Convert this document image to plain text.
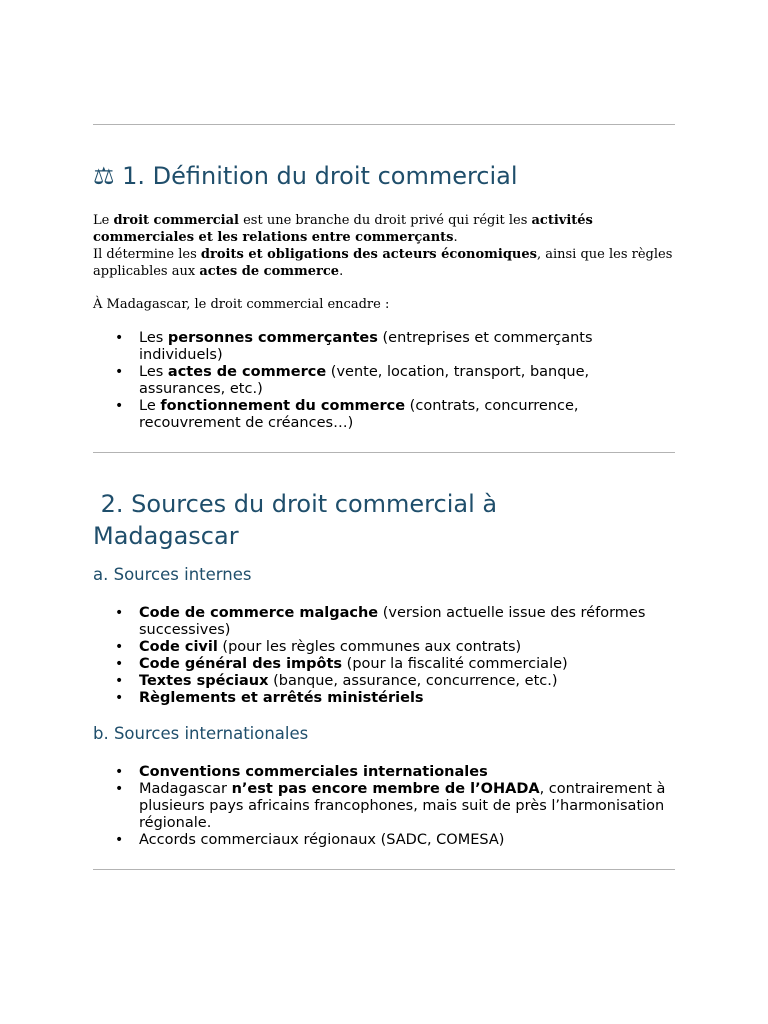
⚖ 1. Définition du droit commercial

Le droit commercial est une branche du droit privé qui régit les activités commerciales et les relations entre commerçants.
Il détermine les droits et obligations des acteurs économiques, ainsi que les règles applicables aux actes de commerce.

À Madagascar, le droit commercial encadre :

• Les personnes commerçantes (entreprises et commerçants individuels)
• Les actes de commerce (vente, location, transport, banque, assurances, etc.)
• Le fonctionnement du commerce (contrats, concurrence, recouvrement de créances…)
2. Sources du droit commercial à Madagascar
a. Sources internes
• Code de commerce malgache (version actuelle issue des réformes successives)
• Code civil (pour les règles communes aux contrats)
• Code général des impôts (pour la fiscalité commerciale)
• Textes spéciaux (banque, assurance, concurrence, etc.)
• Règlements et arrêtés ministériels
b. Sources internationales
• Conventions commerciales internationales
• Madagascar n’est pas encore membre de l’OHADA, contrairement à plusieurs pays africains francophones, mais suit de près l’harmonisation régionale.
• Accords commerciaux régionaux (SADC, COMESA)
